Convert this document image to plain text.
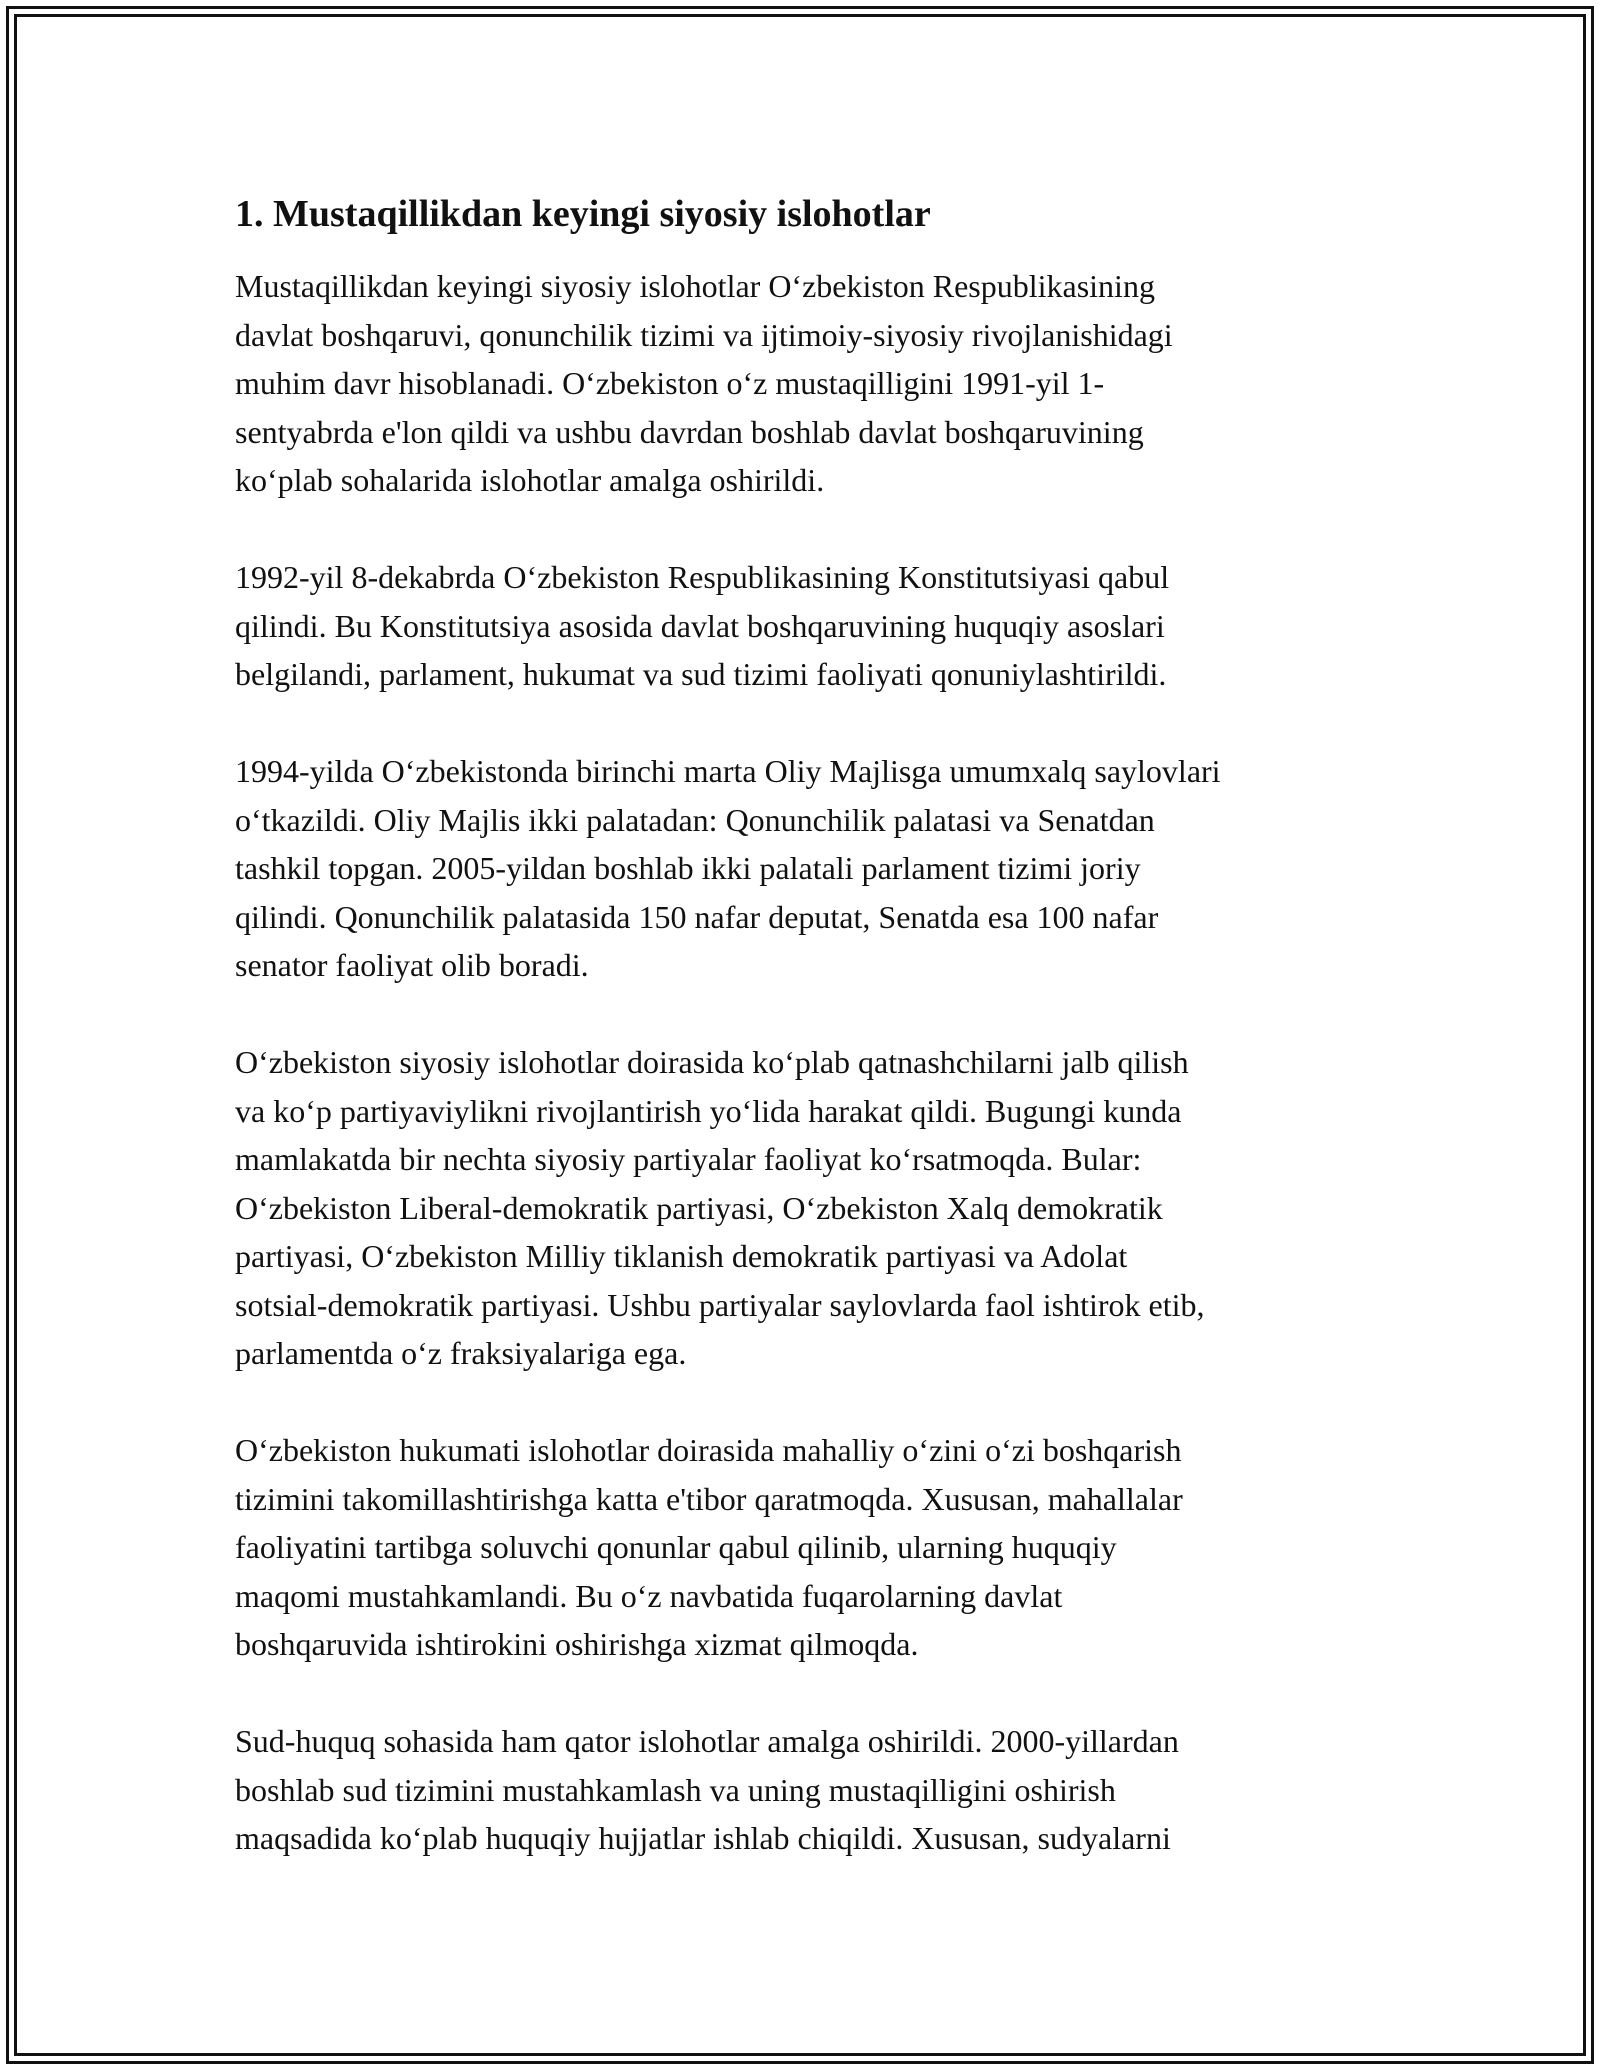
1. Mustaqillikdan keyingi siyosiy islohotlar

Mustaqillikdan keyingi siyosiy islohotlar O‘zbekiston Respublikasining
davlat boshqaruvi, qonunchilik tizimi va ijtimoiy-siyosiy rivojlanishidagi
muhim davr hisoblanadi. O‘zbekiston o‘z mustaqilligini 1991-yil 1-
sentyabrda e'lon qildi va ushbu davrdan boshlab davlat boshqaruvining
ko‘plab sohalarida islohotlar amalga oshirildi.

1992-yil 8-dekabrda O‘zbekiston Respublikasining Konstitutsiyasi qabul
qilindi. Bu Konstitutsiya asosida davlat boshqaruvining huquqiy asoslari
belgilandi, parlament, hukumat va sud tizimi faoliyati qonuniylashtirildi.

1994-yilda O‘zbekistonda birinchi marta Oliy Majlisga umumxalq saylovlari
o‘tkazildi. Oliy Majlis ikki palatadan: Qonunchilik palatasi va Senatdan
tashkil topgan. 2005-yildan boshlab ikki palatali parlament tizimi joriy
qilindi. Qonunchilik palatasida 150 nafar deputat, Senatda esa 100 nafar
senator faoliyat olib boradi.

O‘zbekiston siyosiy islohotlar doirasida ko‘plab qatnashchilarni jalb qilish
va ko‘p partiyaviylikni rivojlantirish yo‘lida harakat qildi. Bugungi kunda
mamlakatda bir nechta siyosiy partiyalar faoliyat ko‘rsatmoqda. Bular:
O‘zbekiston Liberal-demokratik partiyasi, O‘zbekiston Xalq demokratik
partiyasi, O‘zbekiston Milliy tiklanish demokratik partiyasi va Adolat
sotsial-demokratik partiyasi. Ushbu partiyalar saylovlarda faol ishtirok etib,
parlamentda o‘z fraksiyalariga ega.

O‘zbekiston hukumati islohotlar doirasida mahalliy o‘zini o‘zi boshqarish
tizimini takomillashtirishga katta e'tibor qaratmoqda. Xususan, mahallalar
faoliyatini tartibga soluvchi qonunlar qabul qilinib, ularning huquqiy
maqomi mustahkamlandi. Bu o‘z navbatida fuqarolarning davlat
boshqaruvida ishtirokini oshirishga xizmat qilmoqda.

Sud-huquq sohasida ham qator islohotlar amalga oshirildi. 2000-yillardan
boshlab sud tizimini mustahkamlash va uning mustaqilligini oshirish
maqsadida ko‘plab huquqiy hujjatlar ishlab chiqildi. Xususan, sudyalarni
